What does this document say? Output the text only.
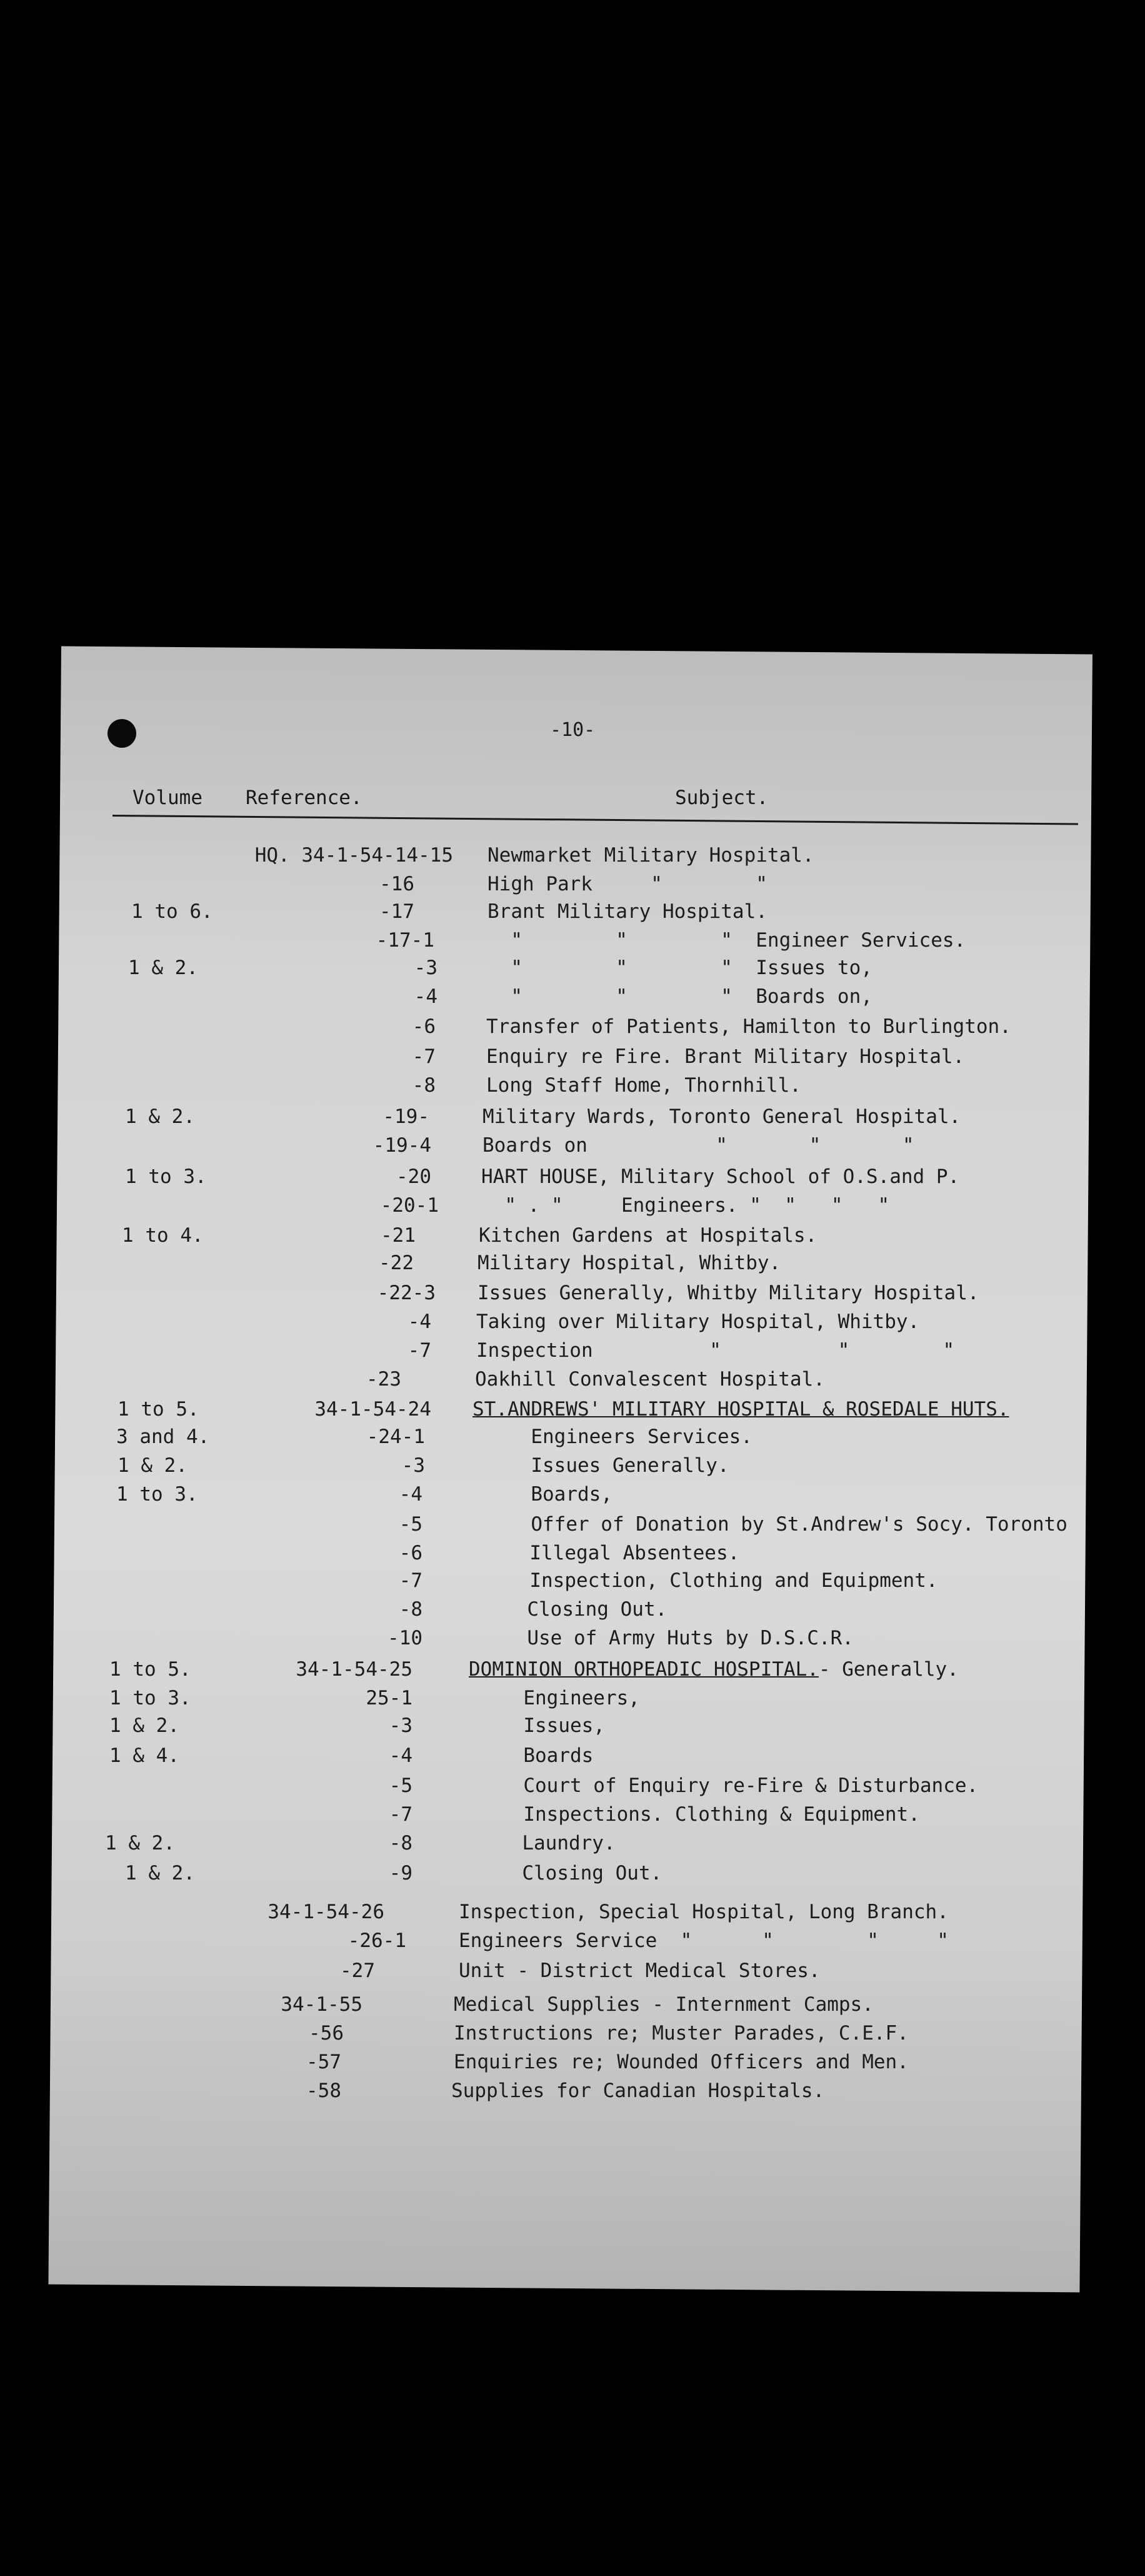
-10-
Volume Reference.	Subject.
HQ. 34-1-54-14-15 Newmarket Military Hospital.
-16	High Park     "        "
1 to 6.	-17	Brant Military Hospital.
-17-1	"        "        "  Engineer Services.
1 & 2.	-3	"        "        "  Issues to,
-4	"        "        "  Boards on,
-6	Transfer of Patients, Hamilton to Burlington.
-7	Enquiry re Fire. Brant Military Hospital.
-8	Long Staff Home, Thornhill.
1 & 2.	-19-	Military Wards, Toronto General Hospital.
-19-4	Boards on           "       "       "
1 to 3.	-20	HART HOUSE, Military School of O.S.and P.
-20-1 " . "     Engineers. "  "   "   "
1 to 4.	-21	Kitchen Gardens at Hospitals.
-22	Military Hospital, Whitby.
-22-3 Issues Generally, Whitby Military Hospital.
-4 Taking over Military Hospital, Whitby.
-7 Inspection          "          "        "
-23	Oakhill Convalescent Hospital.
1 to 5.	34-1-54-24 ST.ANDREWS' MILITARY HOSPITAL & ROSEDALE HUTS.
3 and 4.	-24-1	Engineers Services.
1 & 2.	-3	Issues Generally.
1 to 3.	-4	Boards,
-5	Offer of Donation by St.Andrew's Socy. Toronto
-6	Illegal Absentees.
-7	Inspection, Clothing and Equipment.
-8	Closing Out.
-10	Use of Army Huts by D.S.C.R.
1 to 5.	34-1-54-25	DOMINION ORTHOPEADIC HOSPITAL.- Generally.
1 to 3.	25-1	Engineers,
1 & 2.	-3	Issues,
1 & 4.	-4	Boards
-5	Court of Enquiry re-Fire & Disturbance.
-7	Inspections. Clothing & Equipment.
1 & 2.	-8	Laundry.
1 & 2.	-9	Closing Out.
34-1-54-26	Inspection, Special Hospital, Long Branch.
-26-1	Engineers Service  "      "        "     "
-27	Unit - District Medical Stores.
34-1-55	Medical Supplies - Internment Camps.
-56	Instructions re; Muster Parades, C.E.F.
-57	Enquiries re; Wounded Officers and Men.
-58	Supplies for Canadian Hospitals.
